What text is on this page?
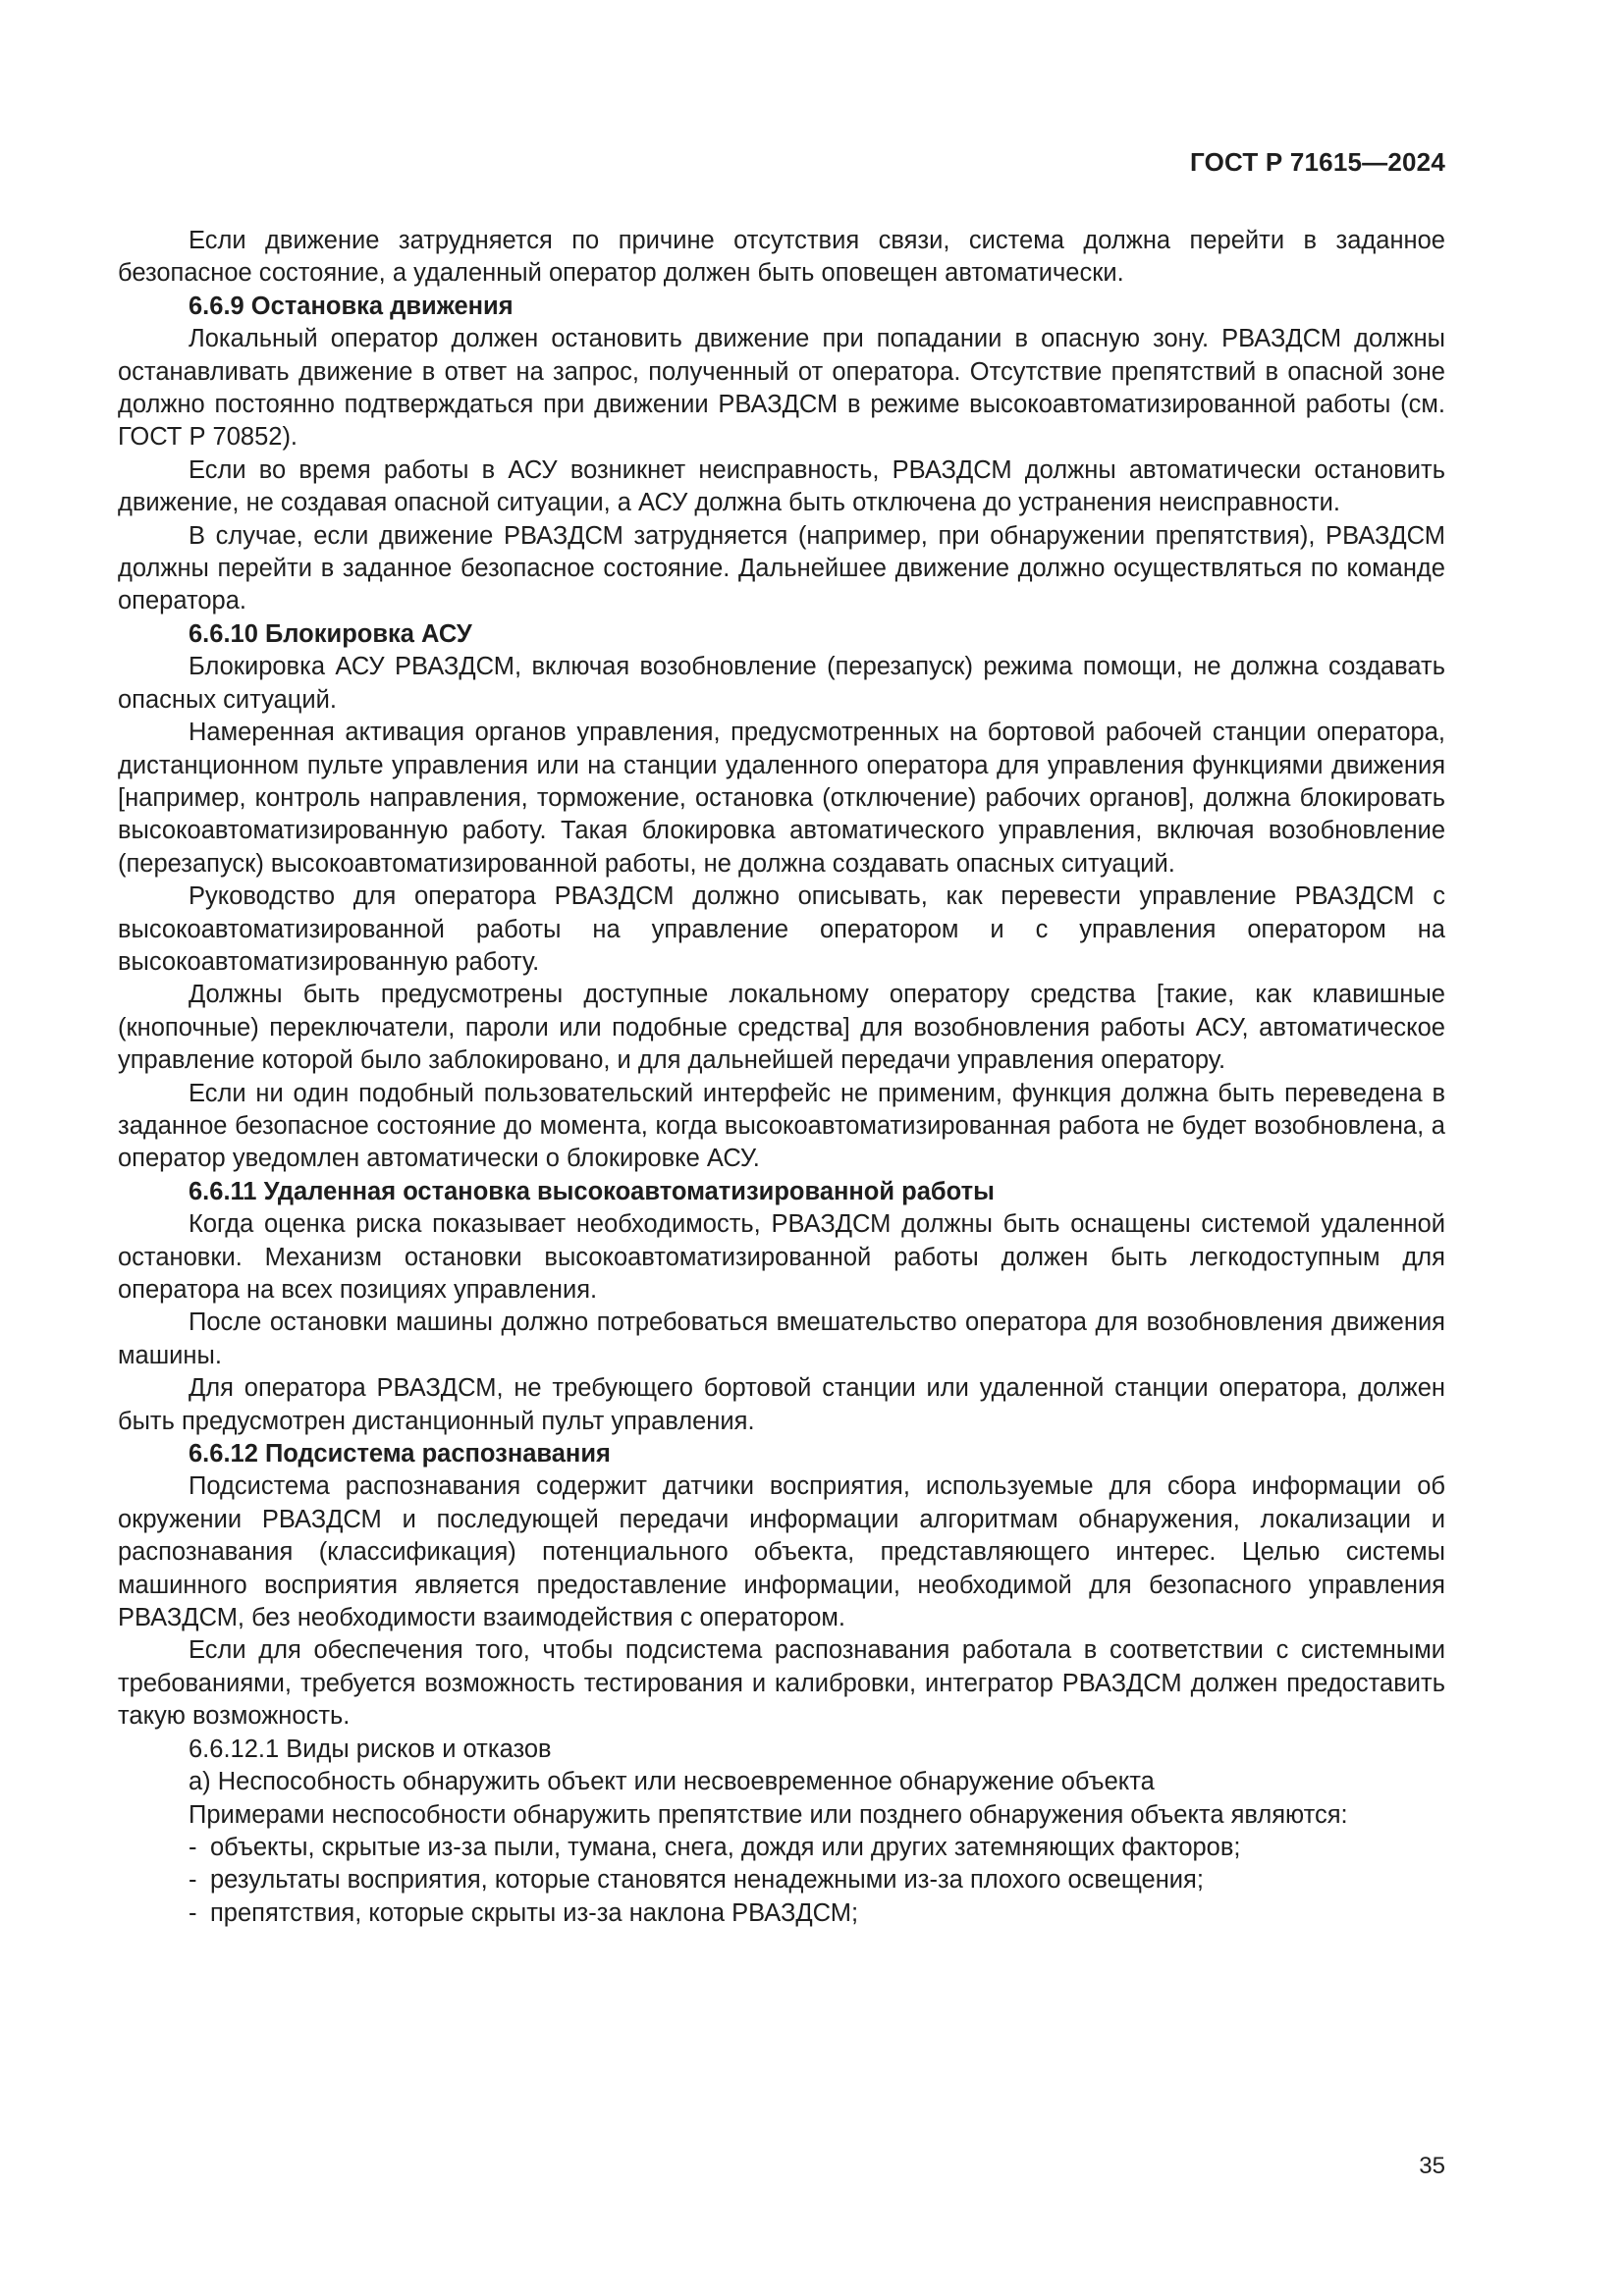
ГОСТ Р 71615—2024

Если движение затрудняется по причине отсутствия связи, система должна перейти в заданное безопасное состояние, а удаленный оператор должен быть оповещен автоматически.

6.6.9 Остановка движения

Локальный оператор должен остановить движение при попадании в опасную зону. РВАЗДСМ должны останавливать движение в ответ на запрос, полученный от оператора. Отсутствие препятствий в опасной зоне должно постоянно подтверждаться при движении РВАЗДСМ в режиме высокоавтоматизированной работы (см. ГОСТ Р 70852).

Если во время работы в АСУ возникнет неисправность, РВАЗДСМ должны автоматически остановить движение, не создавая опасной ситуации, а АСУ должна быть отключена до устранения неисправности.

В случае, если движение РВАЗДСМ затрудняется (например, при обнаружении препятствия), РВАЗДСМ должны перейти в заданное безопасное состояние. Дальнейшее движение должно осуществляться по команде оператора.

6.6.10 Блокировка АСУ

Блокировка АСУ РВАЗДСМ, включая возобновление (перезапуск) режима помощи, не должна создавать опасных ситуаций.

Намеренная активация органов управления, предусмотренных на бортовой рабочей станции оператора, дистанционном пульте управления или на станции удаленного оператора для управления функциями движения [например, контроль направления, торможение, остановка (отключение) рабочих органов], должна блокировать высокоавтоматизированную работу. Такая блокировка автоматического управления, включая возобновление (перезапуск) высокоавтоматизированной работы, не должна создавать опасных ситуаций.

Руководство для оператора РВАЗДСМ должно описывать, как перевести управление РВАЗДСМ с высокоавтоматизированной работы на управление оператором и с управления оператором на высокоавтоматизированную работу.

Должны быть предусмотрены доступные локальному оператору средства [такие, как клавишные (кнопочные) переключатели, пароли или подобные средства] для возобновления работы АСУ, автоматическое управление которой было заблокировано, и для дальнейшей передачи управления оператору.

Если ни один подобный пользовательский интерфейс не применим, функция должна быть переведена в заданное безопасное состояние до момента, когда высокоавтоматизированная работа не будет возобновлена, а оператор уведомлен автоматически о блокировке АСУ.

6.6.11 Удаленная остановка высокоавтоматизированной работы

Когда оценка риска показывает необходимость, РВАЗДСМ должны быть оснащены системой удаленной остановки. Механизм остановки высокоавтоматизированной работы должен быть легкодоступным для оператора на всех позициях управления.

После остановки машины должно потребоваться вмешательство оператора для возобновления движения машины.

Для оператора РВАЗДСМ, не требующего бортовой станции или удаленной станции оператора, должен быть предусмотрен дистанционный пульт управления.

6.6.12 Подсистема распознавания

Подсистема распознавания содержит датчики восприятия, используемые для сбора информации об окружении РВАЗДСМ и последующей передачи информации алгоритмам обнаружения, локализации и распознавания (классификация) потенциального объекта, представляющего интерес. Целью системы машинного восприятия является предоставление информации, необходимой для безопасного управления РВАЗДСМ, без необходимости взаимодействия с оператором.

Если для обеспечения того, чтобы подсистема распознавания работала в соответствии с системными требованиями, требуется возможность тестирования и калибровки, интегратор РВАЗДСМ должен предоставить такую возможность.

6.6.12.1 Виды рисков и отказов

а) Неспособность обнаружить объект или несвоевременное обнаружение объекта

Примерами неспособности обнаружить препятствие или позднего обнаружения объекта являются:

- объекты, скрытые из-за пыли, тумана, снега, дождя или других затемняющих факторов;
- результаты восприятия, которые становятся ненадежными из-за плохого освещения;
- препятствия, которые скрыты из-за наклона РВАЗДСМ;
35
